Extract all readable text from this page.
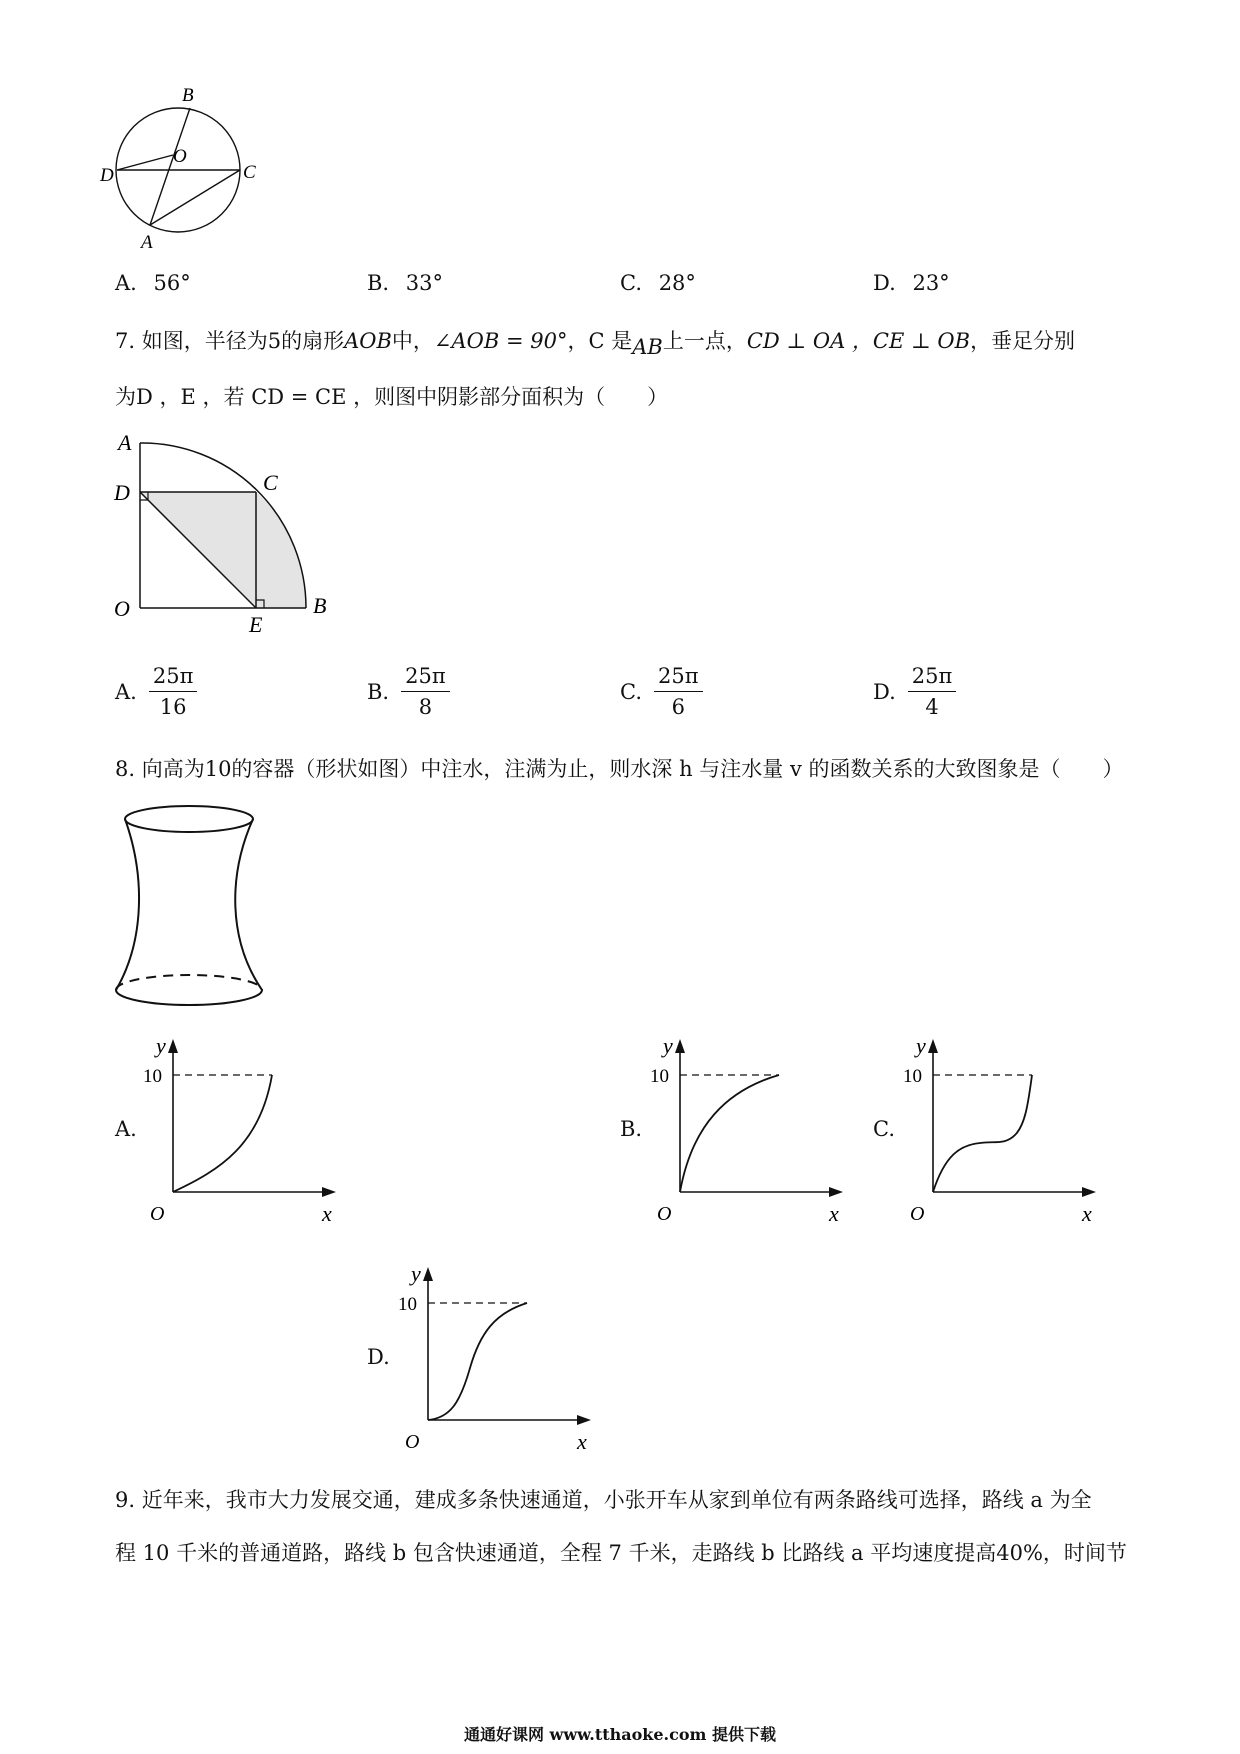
B
O
D	C
A
A. 56°	B. 33°	C. 28°	D. 23°
7. 如图，半径为5的扇形AOB中，∠AOB = 90°，C 是AB上一点，CD ⊥ OA ，CE ⊥ OB，垂足分别
为D ，E ，若 CD = CE ，则图中阴影部分面积为（　　）
A
D	C
O
E
B
A. $\frac{25\pi}{16}$	B. $\frac{25\pi}{8}$	C. $\frac{25\pi}{6}$	D. $\frac{25\pi}{4}$
8. 向高为10的容器（形状如图）中注水，注满为止，则水深 h 与注水量 v 的函数关系的大致图象是（　　）
A.
y
10
O	x
B.
y
10
O	x
C.
y
10
O	x
D.
y
10
O	x
9. 近年来，我市大力发展交通，建成多条快速通道，小张开车从家到单位有两条路线可选择，路线 a 为全
程 10 千米的普通道路，路线 b 包含快速通道，全程 7 千米，走路线 b 比路线 a 平均速度提高40%，时间节
通通好课网 www.tthaoke.com 提供下载
